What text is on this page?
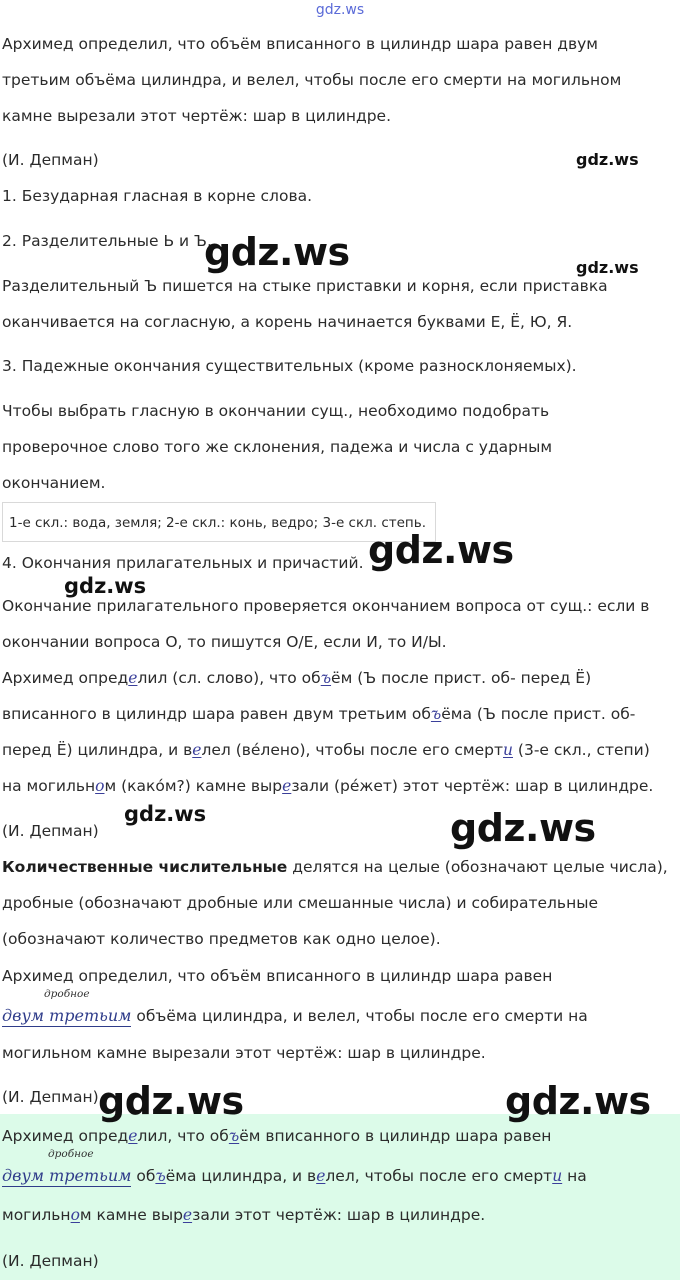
gdz.ws
Архимед определил, что объём вписанного в цилиндр шара равен двум
третьим объёма цилиндра, и велел, чтобы после его смерти на могильном
камне вырезали этот чертёж: шар в цилиндре.
(И. Депман)
1. Безударная гласная в корне слова.
2. Разделительные Ь и Ъ.
Разделительный Ъ пишется на стыке приставки и корня, если приставка
оканчивается на согласную, а корень начинается буквами Е, Ё, Ю, Я.
3. Падежные окончания существительных (кроме разносклоняемых).
Чтобы выбрать гласную в окончании сущ., необходимо подобрать
проверочное слово того же склонения, падежа и числа с ударным
окончанием.
1-е скл.: вода, земля; 2-е скл.: конь, ведро; 3-е скл. степь.
4. Окончания прилагательных и причастий.
Окончание прилагательного проверяется окончанием вопроса от сущ.: если в
окончании вопроса О, то пишутся О/Е, если И, то И/Ы.
Архимед определил (сл. слово), что объём (Ъ после прист. об- перед Ё)
вписанного в цилиндр шара равен двум третьим объёма (Ъ после прист. об-
перед Ё) цилиндра, и велел (вéлено), чтобы после его смерти (3-е скл., степи)
на могильном (какóм?) камне вырезали (рéжет) этот чертёж: шар в цилиндре.
(И. Депман)
Количественные числительные делятся на целые (обозначают целые числа),
дробные (обозначают дробные или смешанные числа) и собирательные
(обозначают количество предметов как одно целое).
Архимед определил, что объём вписанного в цилиндр шара равен
дробное
двум третьим объёма цилиндра, и велел, чтобы после его смерти на
могильном камне вырезали этот чертёж: шар в цилиндре.
(И. Депман)
Архимед определил, что объём вписанного в цилиндр шара равен
дробное
двум третьим объёма цилиндра, и велел, чтобы после его смерти на
могильном камне вырезали этот чертёж: шар в цилиндре.
(И. Депман)
gdz.ws
gdz.ws	gdz.ws
gdz.ws
gdz.ws
gdz.ws	gdz.ws
gdz.ws	gdz.ws
